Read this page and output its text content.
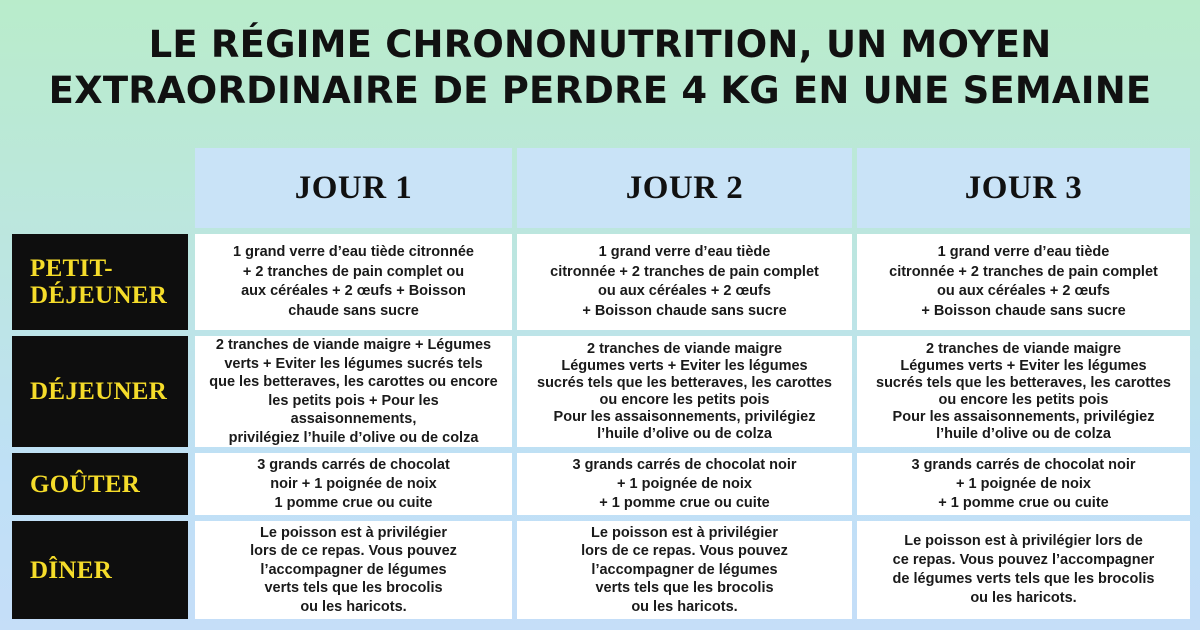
LE RÉGIME CHRONONUTRITION, UN MOYEN
EXTRAORDINAIRE DE PERDRE 4 KG EN UNE SEMAINE
JOUR 1	JOUR 2	JOUR 3
PETIT-
DÉJEUNER
1 grand verre d’eau tiède citronnée
+ 2 tranches de pain complet ou
aux céréales + 2 œufs + Boisson
chaude sans sucre
1 grand verre d’eau tiède
citronnée + 2 tranches de pain complet
ou aux céréales + 2 œufs
+ Boisson chaude sans sucre
1 grand verre d’eau tiède
citronnée + 2 tranches de pain complet
ou aux céréales + 2 œufs
+ Boisson chaude sans sucre
DÉJEUNER
2 tranches de viande maigre + Légumes
verts + Eviter les légumes sucrés tels
que les betteraves, les carottes ou encore
les petits pois + Pour les assaisonnements,
privilégiez l’huile d’olive ou de colza
2 tranches de viande maigre
Légumes verts + Eviter les légumes
sucrés tels que les betteraves, les carottes
ou encore les petits pois
Pour les assaisonnements, privilégiez
l’huile d’olive ou de colza
2 tranches de viande maigre
Légumes verts + Eviter les légumes
sucrés tels que les betteraves, les carottes
ou encore les petits pois
Pour les assaisonnements, privilégiez
l’huile d’olive ou de colza
GOÛTER
3 grands carrés de chocolat
noir + 1 poignée de noix
1 pomme crue ou cuite
3 grands carrés de chocolat noir
+ 1 poignée de noix
+ 1 pomme crue ou cuite
3 grands carrés de chocolat noir
+ 1 poignée de noix
+ 1 pomme crue ou cuite
DÎNER
Le poisson est à privilégier
lors de ce repas. Vous pouvez
l’accompagner de légumes
verts tels que les brocolis
ou les haricots.
Le poisson est à privilégier
lors de ce repas. Vous pouvez
l’accompagner de légumes
verts tels que les brocolis
ou les haricots.
Le poisson est à privilégier lors de
ce repas. Vous pouvez l’accompagner
de légumes verts tels que les brocolis
ou les haricots.
